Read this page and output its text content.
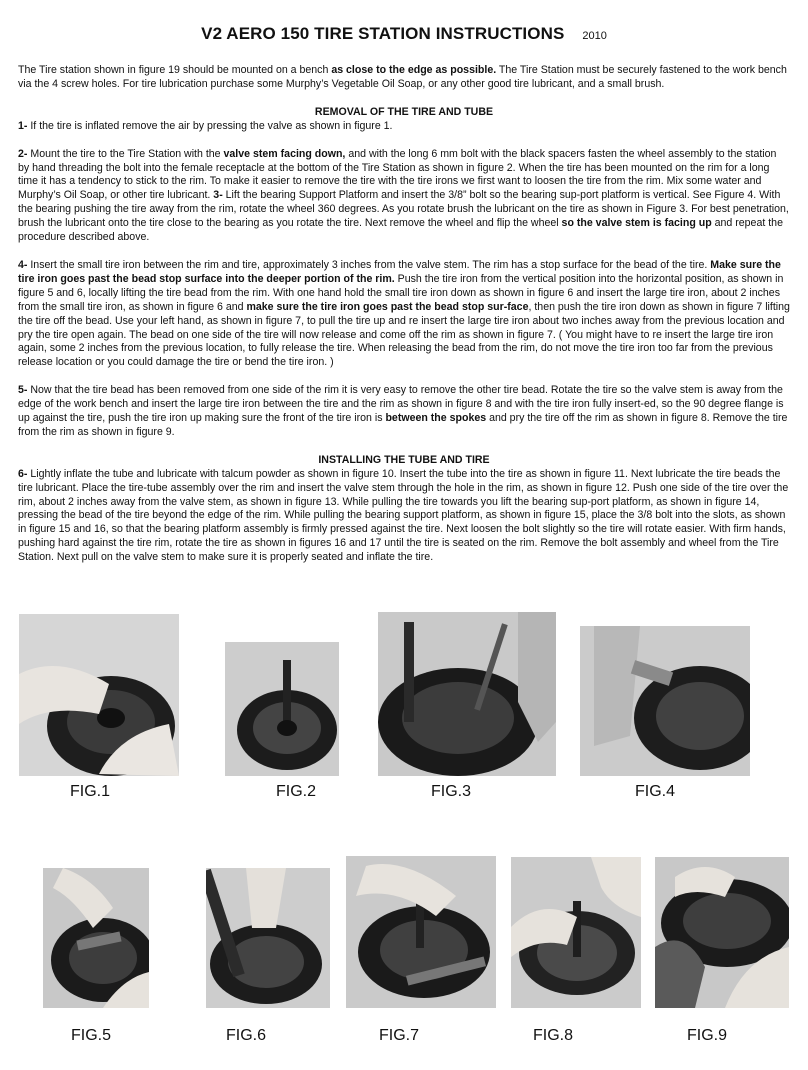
V2 AERO 150 TIRE STATION INSTRUCTIONS 2010

The Tire station shown in figure 19 should be mounted on a bench as close to the edge as possible. The Tire Station must be securely fastened to the work bench via the 4 screw holes. For tire lubrication purchase some Murphy’s Vegetable Oil Soap, or any other good tire lubricant, and a small brush.

REMOVAL OF THE TIRE AND TUBE

1- If the tire is inflated remove the air by pressing the valve as shown in figure 1.

2- Mount the tire to the Tire Station with the valve stem facing down, and with the long 6 mm bolt with the black spacers fasten the wheel assembly to the station by hand threading the bolt into the female receptacle at the bottom of the Tire Station as shown in figure 2. When the tire has been mounted on the rim for a long time it has a tendency to stick to the rim. To make it easier to remove the tire with the tire irons we first want to loosen the tire from the rim. Mix some water and Murphy’s Oil Soap, or other tire lubricant. 3- Lift the bearing Support Platform and insert the 3/8” bolt so the bearing sup-port platform is vertical. See Figure 4. With the bearing pushing the tire away from the rim, rotate the wheel 360 degrees. As you rotate brush the lubricant on the tire as shown in Figure 3. For best penetration, brush the lubricant onto the tire close to the bearing as you rotate the tire. Next remove the wheel and flip the wheel so the valve stem is facing up and repeat the procedure described above.

4- Insert the small tire iron between the rim and tire, approximately 3 inches from the valve stem. The rim has a stop surface for the bead of the tire. Make sure the tire iron goes past the bead stop surface into the deeper portion of the rim. Push the tire iron from the vertical position into the horizontal position, as shown in figure 5 and 6, locally lifting the tire bead from the rim. With one hand hold the small tire iron down as shown in figure 6 and insert the large tire iron, about 2 inches from the small tire iron, as shown in figure 6 and make sure the tire iron goes past the bead stop sur-face, then push the tire iron down as shown in figure 7 lifting the tire off the bead. Use your left hand, as shown in figure 7, to pull the tire up and re insert the large tire iron about two inches away from the previous location and pry the tire open again. The bead on one side of the tire will now release and come off the rim as shown in figure 7. ( You might have to re insert the large tire iron again, some 2 inches from the previous location, to fully release the tire. When releasing the bead from the rim, do not move the tire iron too far from the previous release location or you could damage the tire or bend the tire iron. )

5- Now that the tire bead has been removed from one side of the rim it is very easy to remove the other tire bead. Rotate the tire so the valve stem is away from the edge of the work bench and insert the large tire iron between the tire and the rim as shown in figure 8 and with the tire iron fully insert-ed, so the 90 degree flange is up against the tire, push the tire iron up making sure the front of the tire iron is between the spokes and pry the tire off the rim as shown in figure 8. Remove the tire from the rim as shown in figure 9.

INSTALLING THE TUBE AND TIRE

6- Lightly inflate the tube and lubricate with talcum powder as shown in figure 10. Insert the tube into the tire as shown in figure 11. Next lubricate the tire beads the tire lubricant. Place the tire-tube assembly over the rim and insert the valve stem through the hole in the rim, as shown in figure 12. Push one side of the tire over the rim, about 2 inches away from the valve stem, as shown in figure 13. While pulling the tire towards you lift the bearing sup-port platform, as shown in figure 14, pressing the bead of the tire beyond the edge of the rim. While pulling the bearing support platform, as shown in figure 15, place the 3/8 bolt into the slots, as shown in figure 15 and 16, so that the bearing platform assembly is firmly pressed against the tire. Next loosen the bolt slightly so the tire will rotate easier. With firm hands, pushing hard against the tire rim, rotate the tire as shown in figures 16 and 17 until the tire is seated on the rim. Remove the bolt assembly and wheel from the Tire Station. Next pull on the valve stem to make sure it is properly seated and inflate the tire.

FIG.1	FIG.2	FIG.3	FIG.4
FIG.5	FIG.6	FIG.7	FIG.8	FIG.9
